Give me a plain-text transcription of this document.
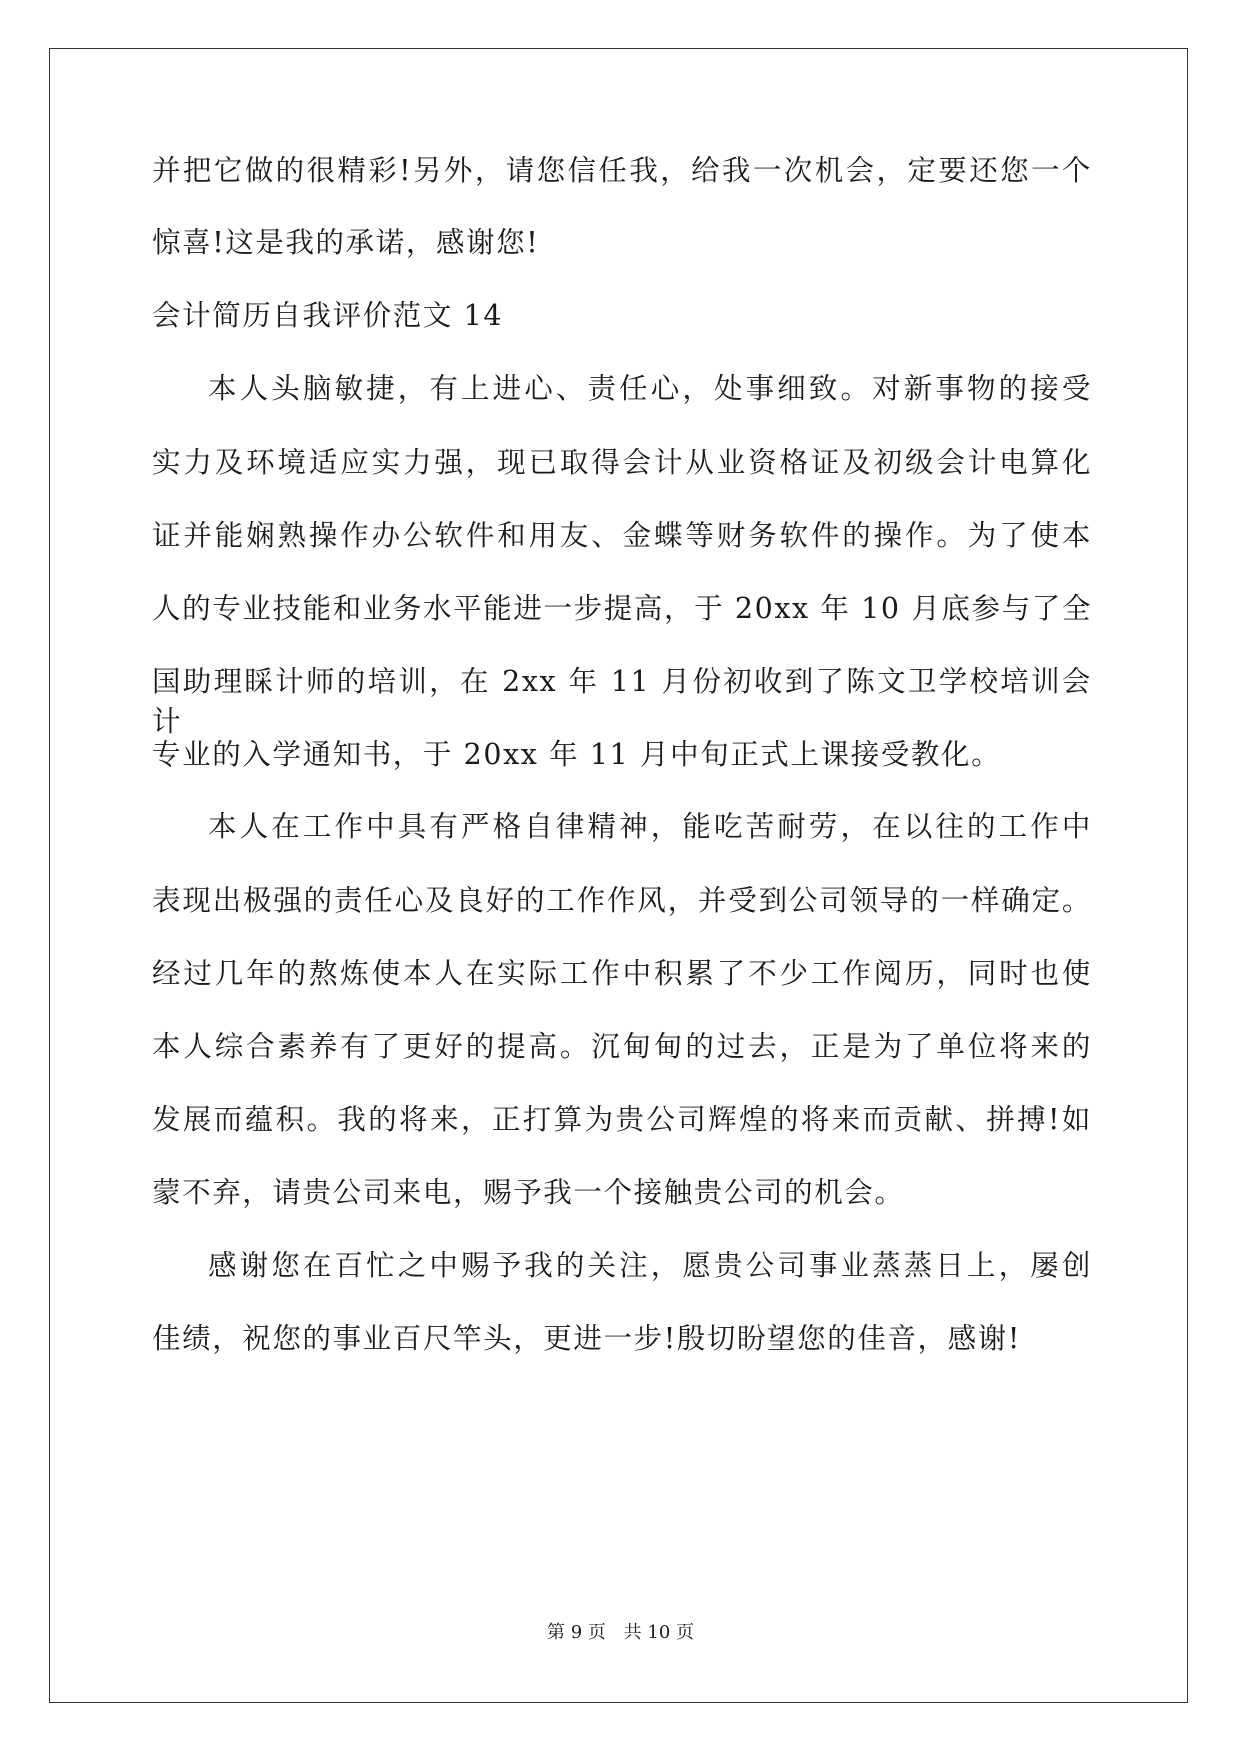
并把它做的很精彩!另外，请您信任我，给我一次机会，定要还您一个

惊喜!这是我的承诺，感谢您!

会计简历自我评价范文 14

本人头脑敏捷，有上进心、责任心，处事细致。对新事物的接受

实力及环境适应实力强，现已取得会计从业资格证及初级会计电算化

证并能娴熟操作办公软件和用友、金蝶等财务软件的操作。为了使本

人的专业技能和业务水平能进一步提高，于 20xx 年 10 月底参与了全

国助理睬计师的培训，在 2xx 年 11 月份初收到了陈文卫学校培训会计

专业的入学通知书，于 20xx 年 11 月中旬正式上课接受教化。

本人在工作中具有严格自律精神，能吃苦耐劳，在以往的工作中

表现出极强的责任心及良好的工作作风，并受到公司领导的一样确定。

经过几年的熬炼使本人在实际工作中积累了不少工作阅历，同时也使

本人综合素养有了更好的提高。沉甸甸的过去，正是为了单位将来的

发展而蕴积。我的将来，正打算为贵公司辉煌的将来而贡献、拼搏!如

蒙不弃，请贵公司来电，赐予我一个接触贵公司的机会。

感谢您在百忙之中赐予我的关注，愿贵公司事业蒸蒸日上，屡创

佳绩，祝您的事业百尺竿头，更进一步!殷切盼望您的佳音，感谢!

第 9 页 共 10 页
